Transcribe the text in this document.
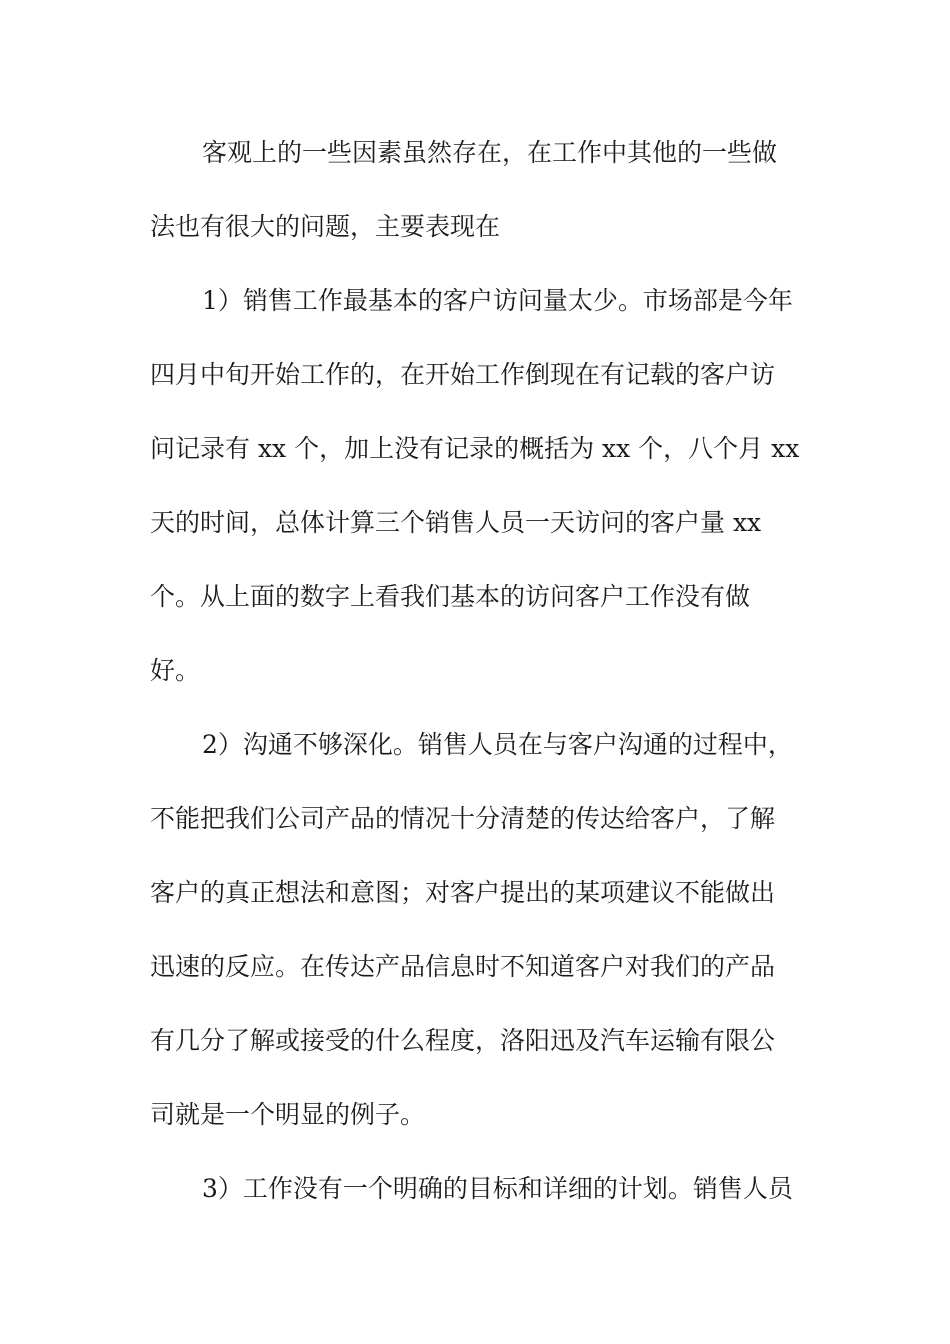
客观上的一些因素虽然存在，在工作中其他的一些做

法也有很大的问题，主要表现在

1）销售工作最基本的客户访问量太少。市场部是今年

四月中旬开始工作的，在开始工作倒现在有记载的客户访

问记录有 xx 个，加上没有记录的概括为 xx 个，八个月 xx

天的时间，总体计算三个销售人员一天访问的客户量 xx

个。从上面的数字上看我们基本的访问客户工作没有做

好。

2）沟通不够深化。销售人员在与客户沟通的过程中，

不能把我们公司产品的情况十分清楚的传达给客户，了解

客户的真正想法和意图；对客户提出的某项建议不能做出

迅速的反应。在传达产品信息时不知道客户对我们的产品

有几分了解或接受的什么程度，洛阳迅及汽车运输有限公

司就是一个明显的例子。

3）工作没有一个明确的目标和详细的计划。销售人员
